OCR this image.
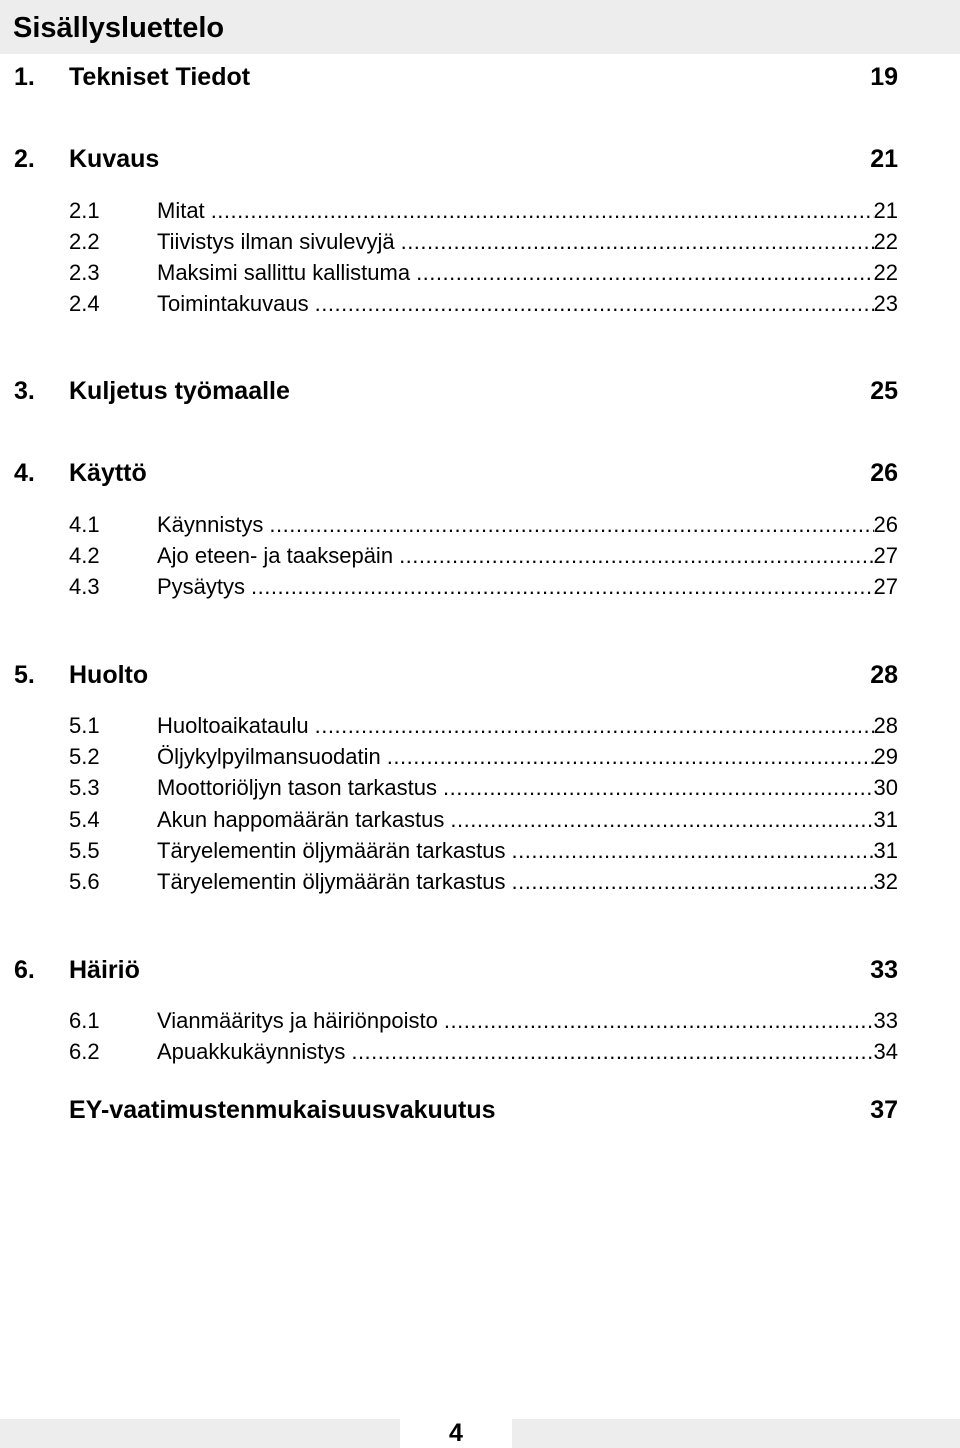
Sisällysluettelo
1. Tekniset Tiedot	19
2. Kuvaus	21
2.1	Mitat .....	21
2.2	Tiivistys ilman sivulevyjä .....	22
2.3	Maksimi sallittu kallistuma .....	22
2.4	Toimintakuvaus .....	23
3. Kuljetus työmaalle	25
4. Käyttö	26
4.1	Käynnistys .....	26
4.2	Ajo eteen- ja taaksepäin .....	27
4.3	Pysäytys .....	27
5. Huolto	28
5.1	Huoltoaikataulu .....	28
5.2	Öljykylpyilmansuodatin .....	29
5.3	Moottoriöljyn tason tarkastus .....	30
5.4	Akun happomäärän tarkastus .....	31
5.5	Täryelementin öljymäärän tarkastus .....	31
5.6	Täryelementin öljymäärän tarkastus .....	32
6. Häiriö	33
6.1	Vianmääritys ja häiriönpoisto .....	33
6.2	Apuakkukäynnistys .....	34
EY-vaatimustenmukaisuusvakuutus	37
4
